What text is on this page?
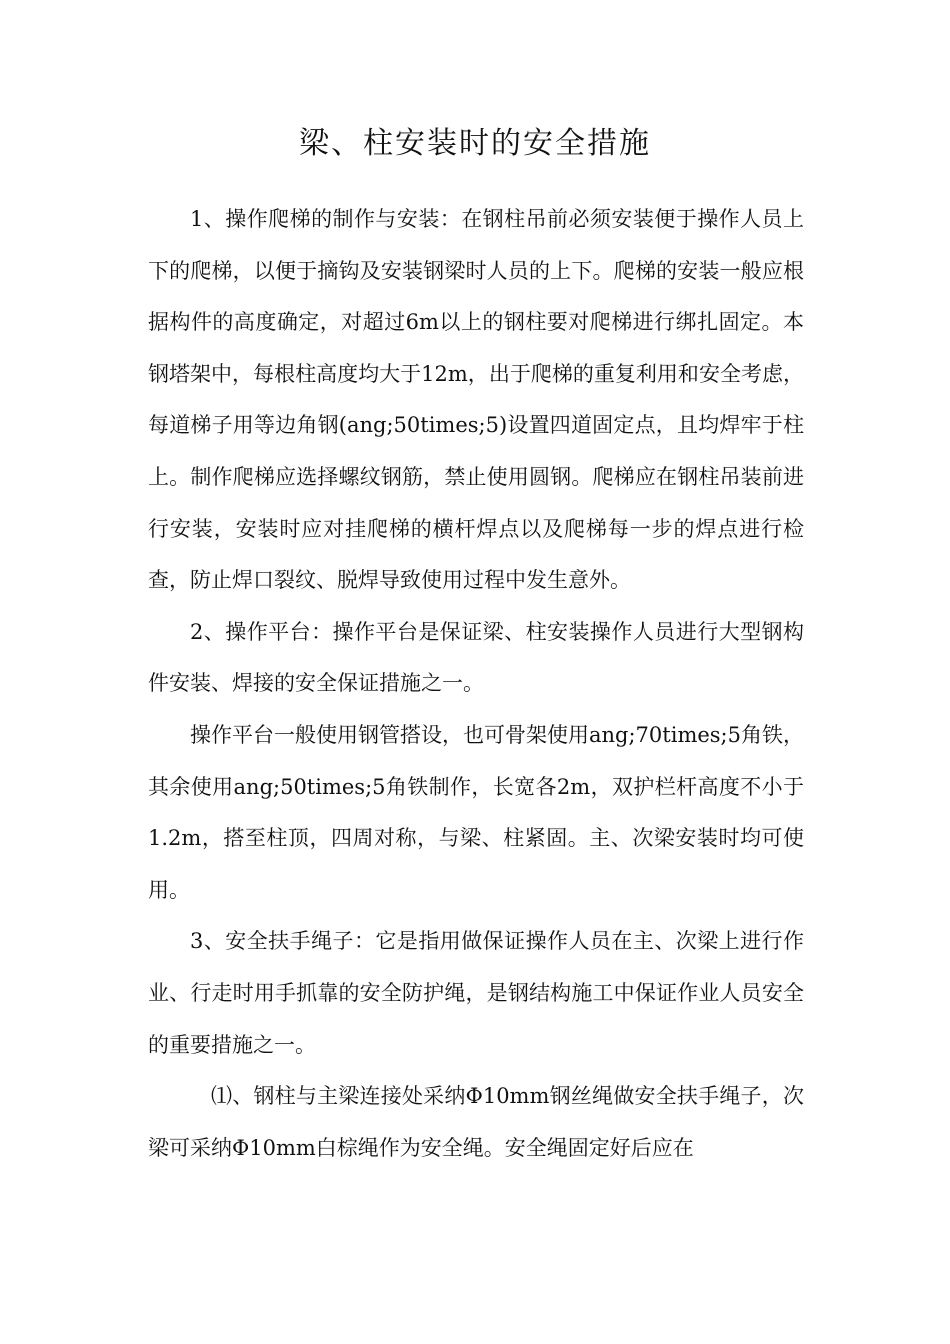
梁、柱安装时的安全措施

1、操作爬梯的制作与安装：在钢柱吊前必须安装便于操作人员上下的爬梯，以便于摘钩及安装钢梁时人员的上下。爬梯的安装一般应根据构件的高度确定，对超过6m以上的钢柱要对爬梯进行绑扎固定。本钢塔架中，每根柱高度均大于12m，出于爬梯的重复利用和安全考虑，每道梯子用等边角钢(ang;50times;5)设置四道固定点，且均焊牢于柱上。制作爬梯应选择螺纹钢筋，禁止使用圆钢。爬梯应在钢柱吊装前进行安装，安装时应对挂爬梯的横杆焊点以及爬梯每一步的焊点进行检查，防止焊口裂纹、脱焊导致使用过程中发生意外。

2、操作平台：操作平台是保证梁、柱安装操作人员进行大型钢构件安装、焊接的安全保证措施之一。

操作平台一般使用钢管搭设，也可骨架使用ang;70times;5角铁，其余使用ang;50times;5角铁制作，长宽各2m，双护栏杆高度不小于1.2m，搭至柱顶，四周对称，与梁、柱紧固。主、次梁安装时均可使用。

3、安全扶手绳子：它是指用做保证操作人员在主、次梁上进行作业、行走时用手抓靠的安全防护绳，是钢结构施工中保证作业人员安全的重要措施之一。

⑴、钢柱与主梁连接处采纳Φ10mm钢丝绳做安全扶手绳子，次梁可采纳Φ10mm白棕绳作为安全绳。安全绳固定好后应在
